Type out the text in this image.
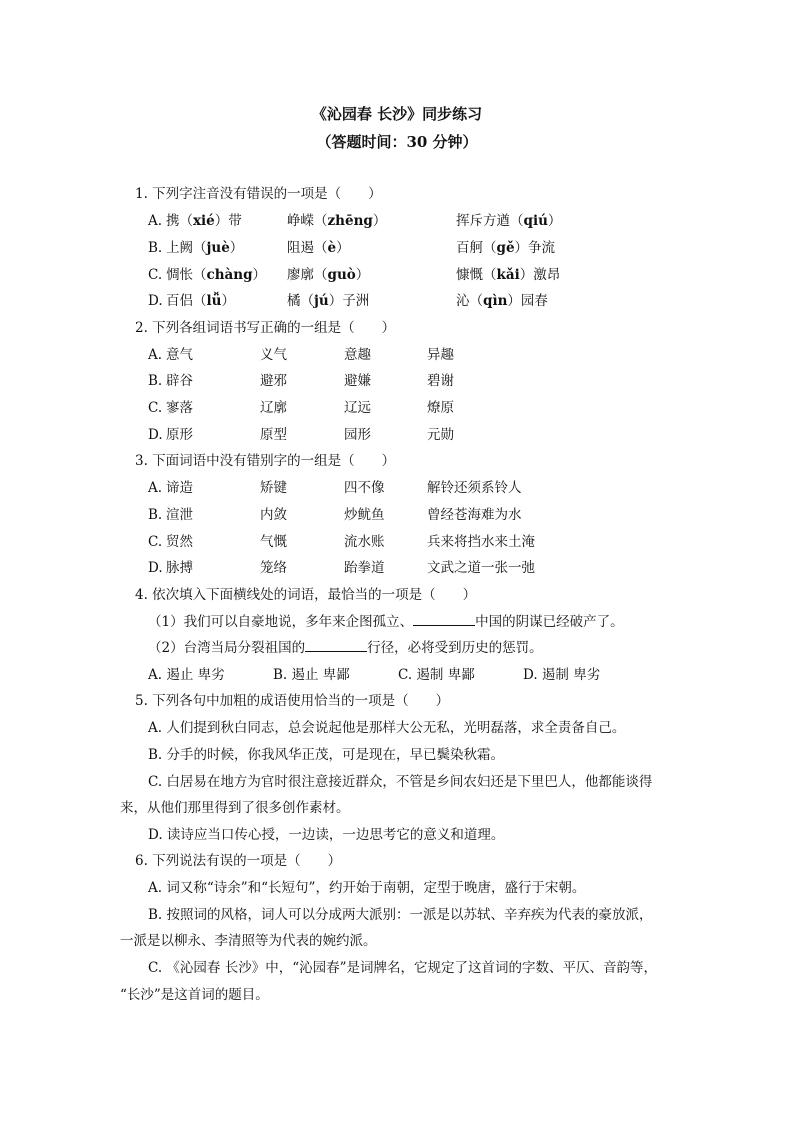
《沁园春 长沙》同步练习
（答题时间：30 分钟）
1. 下列字注音没有错误的一项是（　　）
A. 携（xié）带	峥嵘（zhēng）	挥斥方遒（qiú）
B. 上阙（juè）	阻遏（è）	百舸（gě）争流
C. 惆怅（chàng） 廖廓（guò）	慷慨（kǎi）激昂
D. 百侣（lǚ）	橘（jú）子洲	沁（qìn）园春
2. 下列各组词语书写正确的一组是（　　）
A. 意气	义气	意趣	异趣
B. 辟谷	避邪	避嫌	碧谢
C. 寥落	辽廓	辽远	燎原
D. 原形	原型	园形	元勋
3. 下面词语中没有错别字的一组是（　　）
A. 谛造	矫键	四不像	解铃还须系铃人
B. 渲泄	内敛	炒鱿鱼	曾经苍海难为水
C. 贸然	气慨	流水账	兵来将挡水来土淹
D. 脉搏	笼络	跆拳道	文武之道一张一弛
4. 依次填入下面横线处的词语，最恰当的一项是（　　）
（1）我们可以自豪地说，多年来企图孤立、	中国的阴谋已经破产了。
（2）台湾当局分裂祖国的	行径，必将受到历史的惩罚。
A. 遏止 卑劣	B. 遏止 卑鄙	C. 遏制 卑鄙	D. 遏制 卑劣
5. 下列各句中加粗的成语使用恰当的一项是（　　）
A. 人们提到秋白同志，总会说起他是那样大公无私，光明磊落，求全责备自己。
B. 分手的时候，你我风华正茂，可是现在，早已鬓染秋霜。
C. 白居易在地方为官时很注意接近群众，不管是乡间农妇还是下里巴人，他都能谈得
来，从他们那里得到了很多创作素材。
D. 读诗应当口传心授，一边读，一边思考它的意义和道理。
6. 下列说法有误的一项是（　　）
A. 词又称“诗余”和“长短句”，约开始于南朝，定型于晚唐，盛行于宋朝。
B. 按照词的风格，词人可以分成两大派别：一派是以苏轼、辛弃疾为代表的豪放派，
一派是以柳永、李清照等为代表的婉约派。
C. 《沁园春 长沙》中，“沁园春”是词牌名，它规定了这首词的字数、平仄、音韵等，
“长沙”是这首词的题目。
